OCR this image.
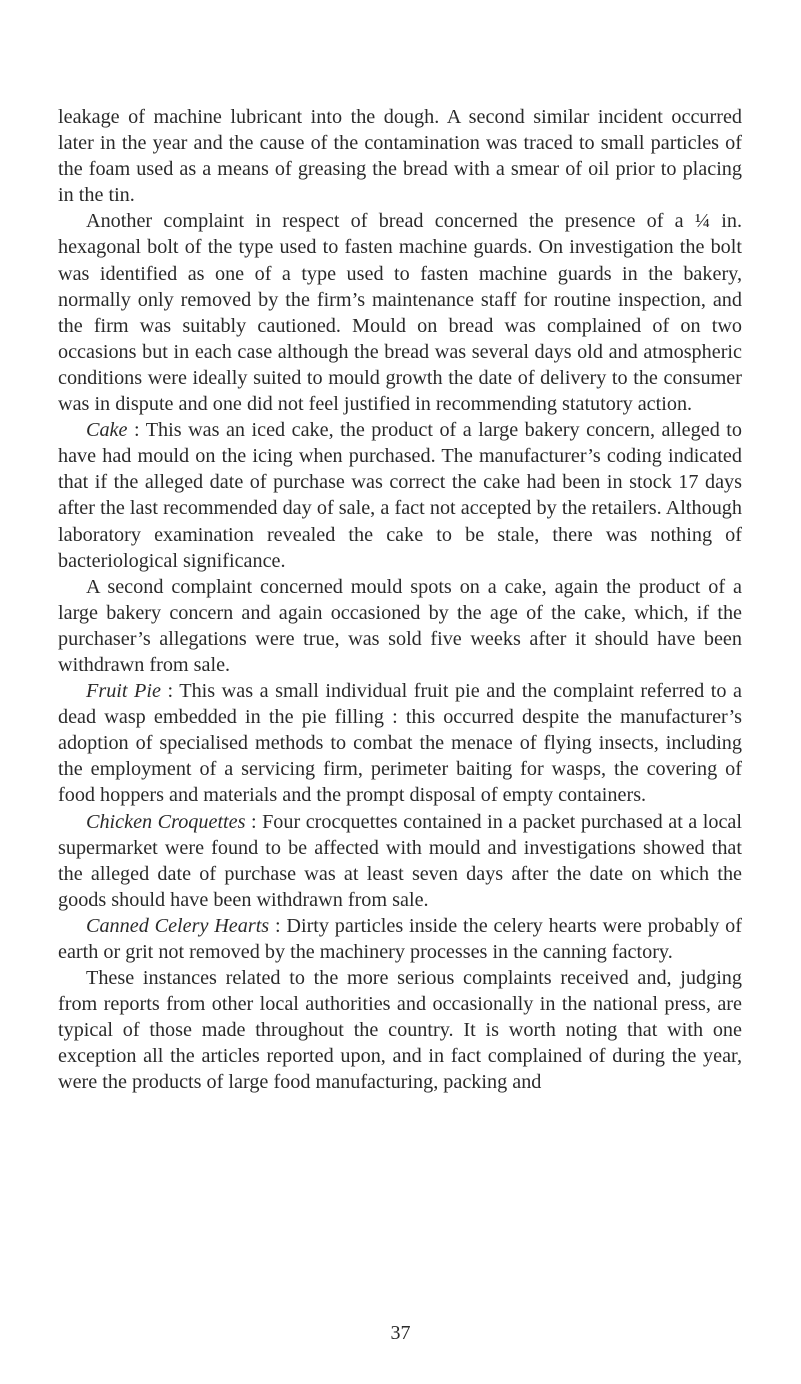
leakage of machine lubricant into the dough. A second similar incident occurred later in the year and the cause of the contamination was traced to small particles of the foam used as a means of greasing the bread with a smear of oil prior to placing in the tin.

Another complaint in respect of bread concerned the presence of a ¼ in. hexagonal bolt of the type used to fasten machine guards. On investigation the bolt was identified as one of a type used to fasten machine guards in the bakery, normally only removed by the firm’s maintenance staff for routine inspection, and the firm was suitably cautioned. Mould on bread was complained of on two occasions but in each case although the bread was several days old and atmospheric conditions were ideally suited to mould growth the date of delivery to the consumer was in dispute and one did not feel justified in recommending statutory action.

Cake : This was an iced cake, the product of a large bakery concern, alleged to have had mould on the icing when purchased. The manufacturer’s coding indicated that if the alleged date of purchase was correct the cake had been in stock 17 days after the last recommended day of sale, a fact not accepted by the retailers. Although laboratory examination revealed the cake to be stale, there was nothing of bacteriological significance.

A second complaint concerned mould spots on a cake, again the product of a large bakery concern and again occasioned by the age of the cake, which, if the purchaser’s allegations were true, was sold five weeks after it should have been withdrawn from sale.

Fruit Pie : This was a small individual fruit pie and the complaint referred to a dead wasp embedded in the pie filling : this occurred despite the manufacturer’s adoption of specialised methods to combat the menace of flying insects, including the employment of a servicing firm, perimeter baiting for wasps, the covering of food hoppers and materials and the prompt disposal of empty containers.

Chicken Croquettes : Four crocquettes contained in a packet purchased at a local supermarket were found to be affected with mould and investigations showed that the alleged date of purchase was at least seven days after the date on which the goods should have been withdrawn from sale.

Canned Celery Hearts : Dirty particles inside the celery hearts were probably of earth or grit not removed by the machinery processes in the canning factory.

These instances related to the more serious complaints received and, judging from reports from other local authorities and occasionally in the national press, are typical of those made throughout the country. It is worth noting that with one exception all the articles reported upon, and in fact complained of during the year, were the products of large food manufacturing, packing and

37
